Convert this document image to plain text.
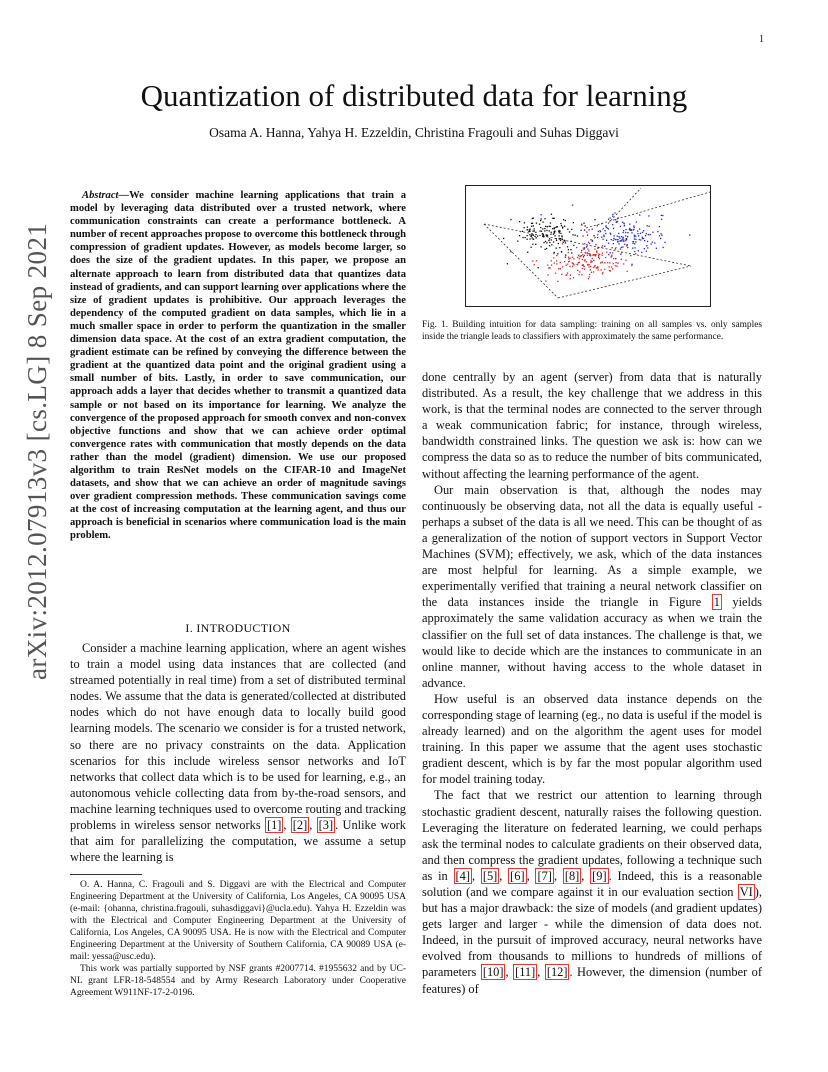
1
arXiv:2012.07913v3 [cs.LG] 8 Sep 2021
Quantization of distributed data for learning
Osama A. Hanna, Yahya H. Ezzeldin, Christina Fragouli and Suhas Diggavi
Abstract—We consider machine learning applications that train a model by leveraging data distributed over a trusted network, where communication constraints can create a performance bottleneck. A number of recent approaches propose to overcome this bottleneck through compression of gradient updates. However, as models become larger, so does the size of the gradient updates. In this paper, we propose an alternate approach to learn from distributed data that quantizes data instead of gradients, and can support learning over applications where the size of gradient updates is prohibitive. Our approach leverages the dependency of the computed gradient on data samples, which lie in a much smaller space in order to perform the quantization in the smaller dimension data space. At the cost of an extra gradient computation, the gradient estimate can be refined by conveying the difference between the gradient at the quantized data point and the original gradient using a small number of bits. Lastly, in order to save communication, our approach adds a layer that decides whether to transmit a quantized data sample or not based on its importance for learning. We analyze the convergence of the proposed approach for smooth convex and non-convex objective functions and show that we can achieve order optimal convergence rates with communication that mostly depends on the data rather than the model (gradient) dimension. We use our proposed algorithm to train ResNet models on the CIFAR-10 and ImageNet datasets, and show that we can achieve an order of magnitude savings over gradient compression methods. These communication savings come at the cost of increasing computation at the learning agent, and thus our approach is beneficial in scenarios where communication load is the main problem.
I. INTRODUCTION

Consider a machine learning application, where an agent wishes to train a model using data instances that are collected (and streamed potentially in real time) from a set of distributed terminal nodes. We assume that the data is generated/collected at distributed nodes which do not have enough data to locally build good learning models. The scenario we consider is for a trusted network, so there are no privacy constraints on the data. Application scenarios for this include wireless sensor networks and IoT networks that collect data which is to be used for learning, e.g., an autonomous vehicle collecting data from by-the-road sensors, and machine learning techniques used to overcome routing and tracking problems in wireless sensor networks [1] , [2] , [3] . Unlike work that aim for parallelizing the computation, we assume a setup where the learning is

O. A. Hanna, C. Fragouli and S. Diggavi are with the Electrical and Computer Engineering Department at the University of California, Los Angeles, CA 90095 USA (e-mail: {ohanna, christina.fragouli, suhasdiggavi}@ucla.edu). Yahya H. Ezzeldin was with the Electrical and Computer Engineering Department at the University of California, Los Angeles, CA 90095 USA. He is now with the Electrical and Computer Engineering Department at the University of Southern California, CA 90089 USA (e-mail: yessa@usc.edu).

This work was partially supported by NSF grants #2007714. #1955632 and by UC-NL grant LFR-18-548554 and by Army Research Laboratory under Cooperative Agreement W911NF-17-2-0196.

Fig. 1. Building intuition for data sampling: training on all samples vs. only samples inside the triangle leads to classifiers with approximately the same performance.

done centrally by an agent (server) from data that is naturally distributed. As a result, the key challenge that we address in this work, is that the terminal nodes are connected to the server through a weak communication fabric; for instance, through wireless, bandwidth constrained links. The question we ask is: how can we compress the data so as to reduce the number of bits communicated, without affecting the learning performance of the agent.

Our main observation is that, although the nodes may continuously be observing data, not all the data is equally useful - perhaps a subset of the data is all we need. This can be thought of as a generalization of the notion of support vectors in Support Vector Machines (SVM); effectively, we ask, which of the data instances are most helpful for learning. As a simple example, we experimentally verified that training a neural network classifier on the data instances inside the triangle in Figure 1 yields approximately the same validation accuracy as when we train the classifier on the full set of data instances. The challenge is that, we would like to decide which are the instances to communicate in an online manner, without having access to the whole dataset in advance.

How useful is an observed data instance depends on the corresponding stage of learning (eg., no data is useful if the model is already learned) and on the algorithm the agent uses for model training. In this paper we assume that the agent uses stochastic gradient descent, which is by far the most popular algorithm used for model training today.

The fact that we restrict our attention to learning through stochastic gradient descent, naturally raises the following question. Leveraging the literature on federated learning, we could perhaps ask the terminal nodes to calculate gradients on their observed data, and then compress the gradient updates, following a technique such as in [4] , [5] , [6] , [7] , [8] , [9] . Indeed, this is a reasonable solution (and we compare against it in our evaluation section VI ), but has a major drawback: the size of models (and gradient updates) gets larger and larger - while the dimension of data does not. Indeed, in the pursuit of improved accuracy, neural networks have evolved from thousands to millions to hundreds of millions of parameters [10] , [11] , [12] . However, the dimension (number of features) of
